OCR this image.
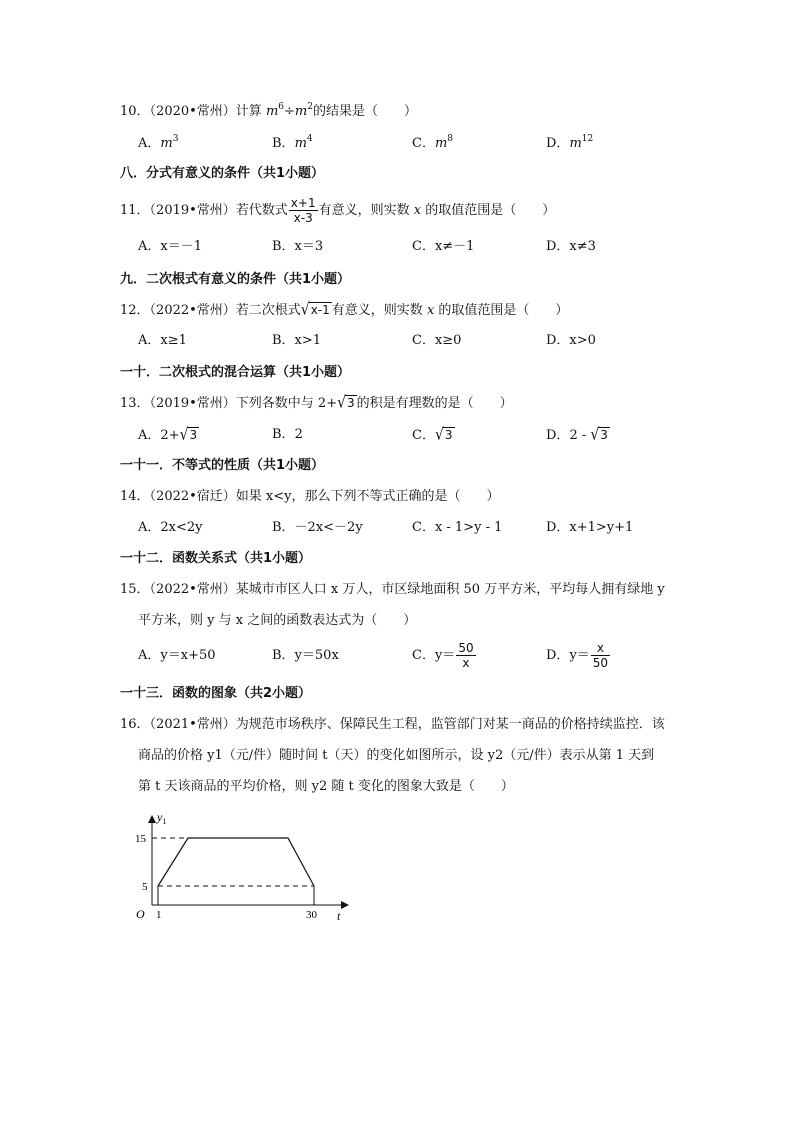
10．（2020•常州）计算 $m^6\div m^2$的结果是（　　）
A．$m^3$	B．$m^4$	C．$m^8$	D．$m^{12}$
八．分式有意义的条件（共1小题）
11．（2019•常州）若代数式 $\frac{x+1}{x-3}$ 有意义，则实数 x 的取值范围是（　　）
A．x＝－1	B．x＝3	C．x≠－1	D．x≠3
九．二次根式有意义的条件（共1小题）
12．（2022•常州）若二次根式√x-1 有意义，则实数 x 的取值范围是（　　）
A．x≥1	B．x>1	C．x≥0	D．x>0
一十．二次根式的混合运算（共1小题）
13．（2019•常州）下列各数中与 2+√3 的积是有理数的是（　　）
A．2+√3	B．2	C．√3	D．2 - √3
一十一．不等式的性质（共1小题）
14．（2022•宿迁）如果 x<y，那么下列不等式正确的是（　　）
A．2x<2y	B．－2x<－2y	C．x - 1>y - 1	D．x+1>y+1
一十二．函数关系式（共1小题）
15．（2022•常州）某城市市区人口 x 万人，市区绿地面积 50 万平方米，平均每人拥有绿地 y
平方米，则 y 与 x 之间的函数表达式为（　　）
A．y＝x+50	B．y＝50x	C．$y= \frac{50}{x}$	D．$y= \frac{x}{50}$
一十三．函数的图象（共2小题）
16．（2021•常州）为规范市场秩序、保障民生工程，监管部门对某一商品的价格持续监控．该
商品的价格 y1（元/件）随时间 t（天）的变化如图所示，设 y2（元/件）表示从第 1 天到
第 t 天该商品的平均价格，则 y2 随 t 变化的图象大致是（　　）
$y_1$
t
O
15
5
1	30
